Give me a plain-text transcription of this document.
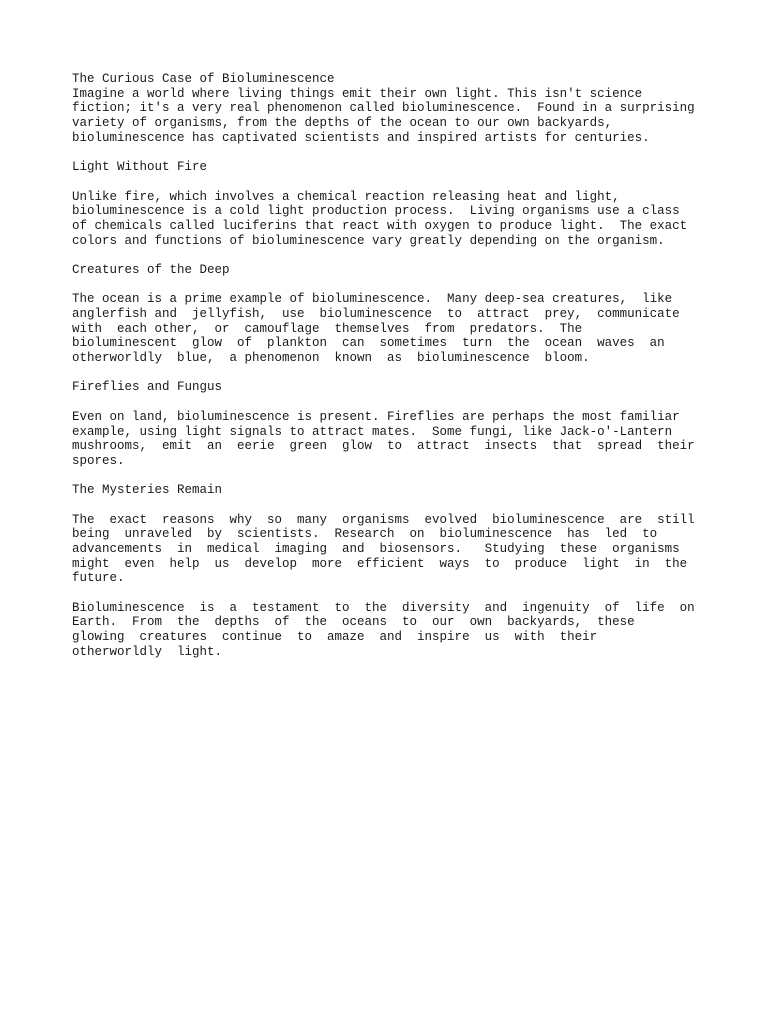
The Curious Case of Bioluminescence
Imagine a world where living things emit their own light. This isn't science
fiction; it's a very real phenomenon called bioluminescence.  Found in a surprising
variety of organisms, from the depths of the ocean to our own backyards,
bioluminescence has captivated scientists and inspired artists for centuries.
Light Without Fire
Unlike fire, which involves a chemical reaction releasing heat and light,
bioluminescence is a cold light production process.  Living organisms use a class
of chemicals called luciferins that react with oxygen to produce light.  The exact
colors and functions of bioluminescence vary greatly depending on the organism.
Creatures of the Deep
The ocean is a prime example of bioluminescence.  Many deep-sea creatures,  like
anglerfish and  jellyfish,  use  bioluminescence  to  attract  prey,  communicate
with  each other,  or  camouflage  themselves  from  predators.  The
bioluminescent  glow  of  plankton  can  sometimes  turn  the  ocean  waves  an
otherworldly  blue,  a phenomenon  known  as  bioluminescence  bloom.
Fireflies and Fungus
Even on land, bioluminescence is present. Fireflies are perhaps the most familiar
example, using light signals to attract mates.  Some fungi, like Jack-o'-Lantern
mushrooms,  emit  an  eerie  green  glow  to  attract  insects  that  spread  their
spores.
The Mysteries Remain
The  exact  reasons  why  so  many  organisms  evolved  bioluminescence  are  still
being  unraveled  by  scientists.  Research  on  bioluminescence  has  led  to
advancements  in  medical  imaging  and  biosensors.   Studying  these  organisms
might  even  help  us  develop  more  efficient  ways  to  produce  light  in  the
future.
Bioluminescence  is  a  testament  to  the  diversity  and  ingenuity  of  life  on
Earth.  From  the  depths  of  the  oceans  to  our  own  backyards,  these
glowing  creatures  continue  to  amaze  and  inspire  us  with  their
otherworldly  light.
